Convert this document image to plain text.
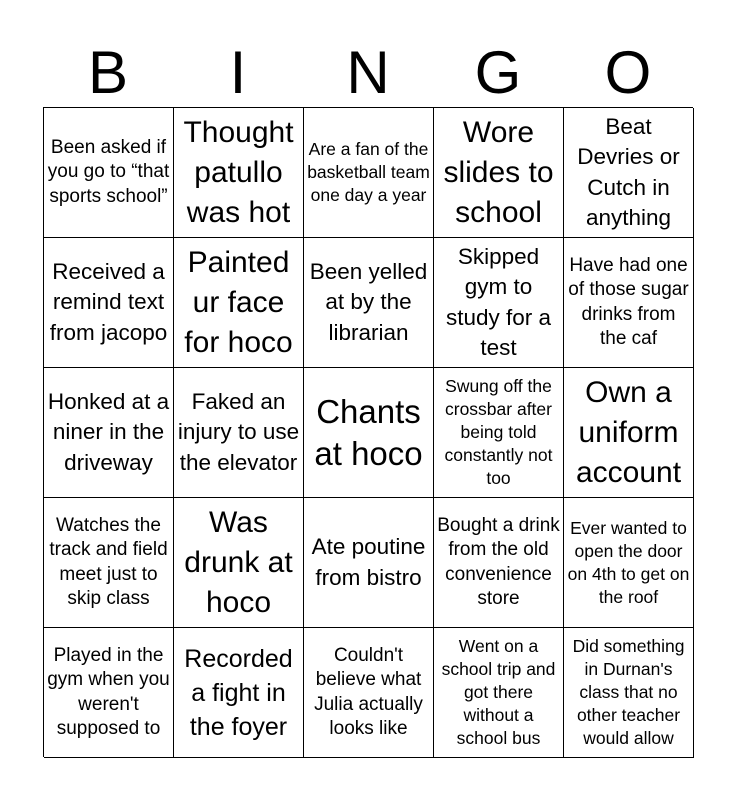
B	I	N	G	O
Been asked if you go to “that sports school”
Thought patullo was hot
Are a fan of the basketball team one day a year
Wore slides to school
Beat Devries or Cutch in anything
Received a remind text from jacopo
Painted ur face for hoco
Been yelled at by the librarian
Skipped gym to study for a test
Have had one of those sugar drinks from the caf
Honked at a niner in the driveway
Faked an injury to use the elevator
Chants at hoco
Swung off the crossbar after being told constantly not too
Own a uniform account
Watches the track and field meet just to skip class
Was drunk at hoco
Ate poutine from bistro
Bought a drink from the old convenience store
Ever wanted to open the door on 4th to get on the roof
Played in the gym when you weren't supposed to
Recorded a fight in the foyer
Couldn't believe what Julia actually looks like
Went on a school trip and got there without a school bus
Did something in Durnan's class that no other teacher would allow
